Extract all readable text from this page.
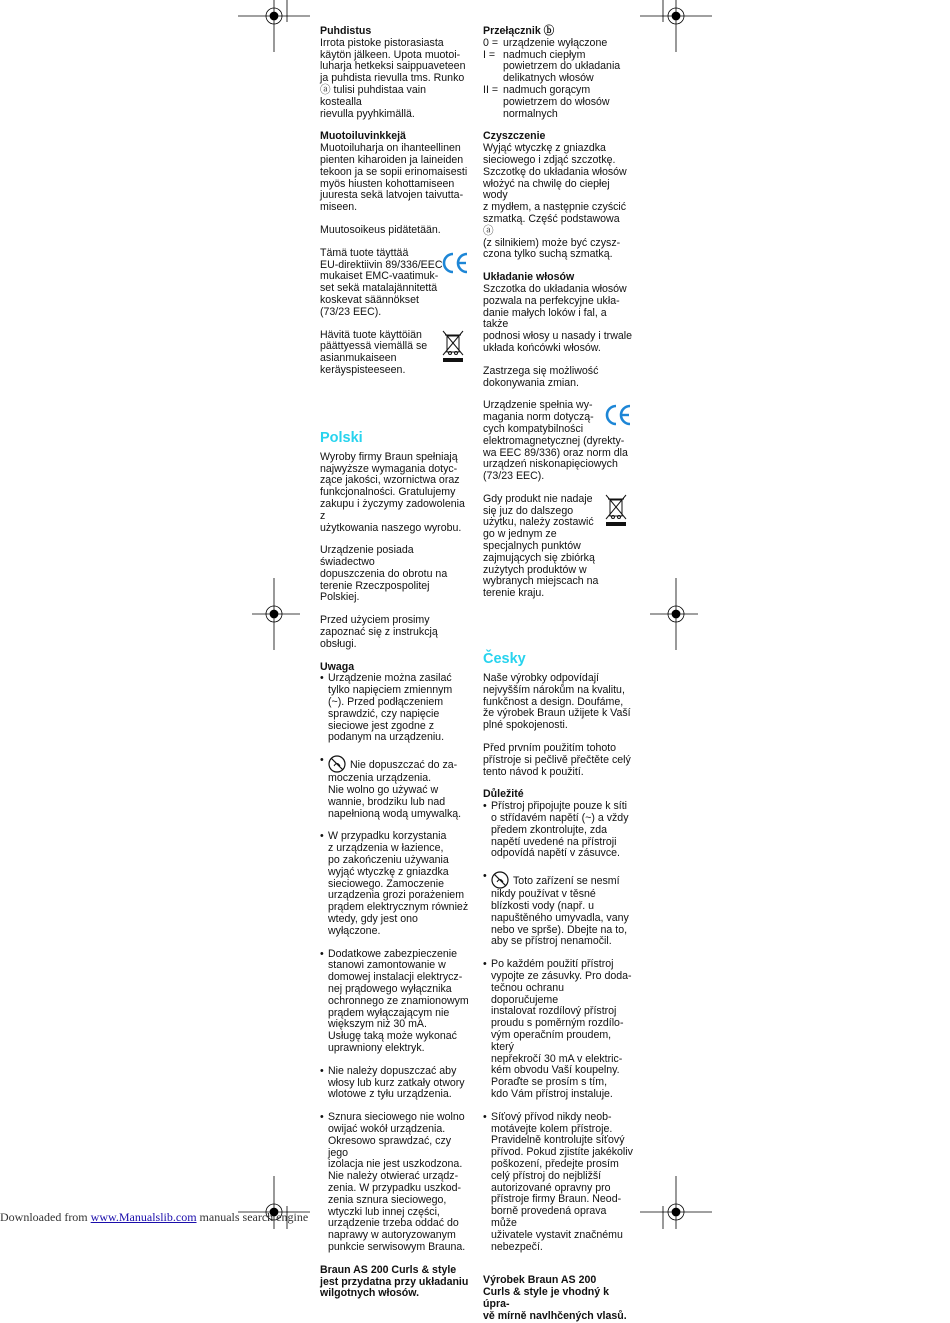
Puhdistus

Irrota pistoke pistorasiasta
käytön jälkeen. Upota muotoi-
luharja hetkeksi saippuaveteen
ja puhdista rievulla tms. Runko
ⓐ tulisi puhdistaa vain kostealla
rievulla pyyhkimällä.

Muotoiluvinkkejä

Muotoiluharja on ihanteellinen
pienten kiharoiden ja laineiden
tekoon ja se sopii erinomaisesti
myös hiusten kohottamiseen
juuresta sekä latvojen taivutta-
miseen.

Muutosoikeus pidätetään.

Tämä tuote täyttää
EU-direktiivin 89/336/EEC
mukaiset EMC-vaatimuk-
set sekä matalajännitettä
koskevat säännökset
(73/23 EEC).

Hävitä tuote käyttöiän
päättyessä viemällä se
asianmukaiseen
keräyspisteeseen.

Polski

Wyroby firmy Braun spełniają
najwyższe wymagania dotyc-
zące jakości, wzornictwa oraz
funkcjonalności. Gratulujemy
zakupu i życzymy zadowolenia z
użytkowania naszego wyrobu.

Urządzenie posiada świadectwo
dopuszczenia do obrotu na
terenie Rzeczpospolitej Polskiej.

Przed użyciem prosimy
zapoznać się z instrukcją
obsługi.

Uwaga

• Urządzenie można zasilać
tylko napięciem zmiennym
(~). Przed podłączeniem
sprawdzić, czy napięcie
sieciowe jest zgodne z
podanym na urządzeniu.
• Nie dopuszczać do za-
moczenia urządzenia.
Nie wolno go używać w
wannie, brodziku lub nad
napełnioną wodą umywalką.
• W przypadku korzystania
z urządzenia w łazience,
po zakończeniu używania
wyjąć wtyczkę z gniazdka
sieciowego. Zamoczenie
urządzenia grozi porażeniem
prądem elektrycznym również
wtedy, gdy jest ono wyłączone.
• Dodatkowe zabezpieczenie
stanowi zamontowanie w
domowej instalacji elektrycz-
nej prądowego wyłącznika
ochronnego ze znamionowym
prądem wyłączającym nie
większym niż 30 mA.
Usługę taką może wykonać
uprawniony elektryk.
• Nie należy dopuszczać aby
włosy lub kurz zatkały otwory
wlotowe z tyłu urządzenia.
• Sznura sieciowego nie wolno
owijać wokół urządzenia.
Okresowo sprawdzać, czy jego
izolacja nie jest uszkodzona.
Nie należy otwierać urządz-
zenia. W przypadku uszkod-
zenia sznura sieciowego,
wtyczki lub innej części,
urządzenie trzeba oddać do
naprawy w autoryzowanym
punkcie serwisowym Brauna.

Braun AS 200 Curls & style
jest przydatna przy układaniu
wilgotnych włosów.

Przełącznik ⓑ

0 = urządzenie wyłączone
I = nadmuch ciepłym
powietrzem do układania
delikatnych włosów
II = nadmuch gorącym
powietrzem do włosów
normalnych

Czyszczenie

Wyjąć wtyczkę z gniazdka
sieciowego i zdjąć szczotkę.
Szczotkę do układania włosów
włożyć na chwilę do ciepłej wody
z mydłem, a następnie czyścić
szmatką. Część podstawowa ⓐ
(z silnikiem) może być czysz-
czona tylko suchą szmatką.

Układanie włosów

Szczotka do układania włosów
pozwala na perfekcyjne ukła-
danie małych loków i fal, a także
podnosi włosy u nasady i trwale
układa końcówki włosów.

Zastrzega się możliwość
dokonywania zmian.

Urządzenie spełnia wy-
magania norm dotyczą-
cych kompatybilności
elektromagnetycznej (dyrekty-
wa EEC 89/336) oraz norm dla
urządzeń niskonapięciowych
(73/23 EEC).

Gdy produkt nie nadaje
się juz do dalszego
użytku, należy zostawić
go w jednym ze
specjalnych punktów
zajmujących się zbiórką
zużytych produktów w
wybranych miejscach na
terenie kraju.

Česky

Naše výrobky odpovídají
nejvyšším nárokům na kvalitu,
funkčnost a design. Doufáme,
že výrobek Braun užijete k Vaší
plné spokojenosti.

Před prvním použitím tohoto
přístroje si pečlivě přečtěte celý
tento návod k použití.

Důležité

• Přístroj připojujte pouze k síti
o střídavém napětí (~) a vždy
předem zkontrolujte, zda
napětí uvedené na přístroji
odpovídá napětí v zásuvce.
• Toto zařízení se nesmí
nikdy používat v těsné
blízkosti vody (např. u
napuštěného umyvadla, vany
nebo ve sprše). Dbejte na to,
aby se přístroj nenamočil.
• Po každém použití přístroj
vypojte ze zásuvky. Pro doda-
tečnou ochranu doporučujeme
instalovat rozdílový přístroj
proudu s poměrným rozdílo-
vým operačním proudem, který
nepřekročí 30 mA v elektric-
kém obvodu Vaší koupelny.
Poraďte se prosím s tím,
kdo Vám přístroj instaluje.
• Síťový přívod nikdy neob-
motávejte kolem přístroje.
Pravidelně kontrolujte síťový
přívod. Pokud zjistíte jakékoliv
poškození, předejte prosím
celý přístroj do nejbližší
autorizované opravny pro
přístroje firmy Braun. Neod-
borně provedená oprava může
uživatele vystavit značnému
nebezpečí.

Výrobek Braun AS 200
Curls & style je vhodný k úpra-
vě mírně navlhčených vlasů.

Downloaded from www.Manualslib.com manuals search engine
